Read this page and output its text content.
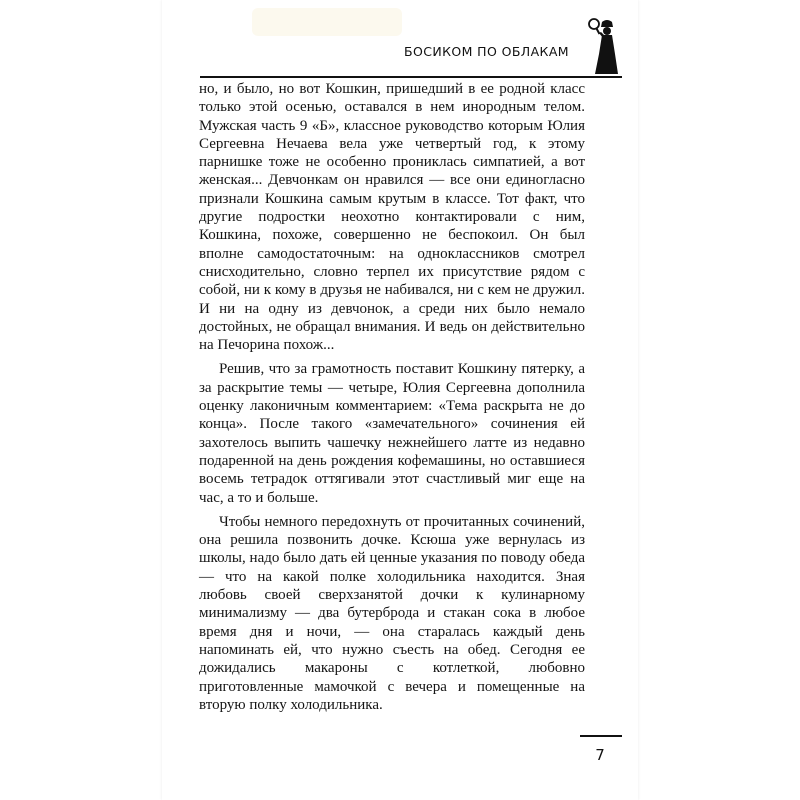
БОСИКОМ ПО ОБЛАКАМ

но, и было, но вот Кошкин, пришедший в ее родной класс только этой осенью, оставался в нем инородным телом. Мужская часть 9 «Б», классное руководство которым Юлия Сергеевна Нечаева вела уже четвертый год, к этому парнишке тоже не особенно прониклась симпатией, а вот женская... Девчонкам он нравился — все они единогласно признали Кошкина самым крутым в классе. Тот факт, что другие подростки неохотно контактировали с ним, Кошкина, похоже, совершенно не беспокоил. Он был вполне самодостаточным: на одноклассников смотрел снисходительно, словно терпел их присутствие рядом с собой, ни к кому в друзья не набивался, ни с кем не дружил. И ни на одну из девчонок, а среди них было немало достойных, не обращал внимания. И ведь он действительно на Печорина похож...

Решив, что за грамотность поставит Кошкину пятерку, а за раскрытие темы — четыре, Юлия Сергеевна дополнила оценку лаконичным комментарием: «Тема раскрыта не до конца». После такого «замечательного» сочинения ей захотелось выпить чашечку нежнейшего латте из недавно подаренной на день рождения кофемашины, но оставшиеся восемь тетрадок оттягивали этот счастливый миг еще на час, а то и больше.

Чтобы немного передохнуть от прочитанных сочинений, она решила позвонить дочке. Ксюша уже вернулась из школы, надо было дать ей ценные указания по поводу обеда — что на какой полке холодильника находится. Зная любовь своей сверхзанятой дочки к кулинарному минимализму — два бутерброда и стакан сока в любое время дня и ночи, — она старалась каждый день напоминать ей, что нужно съесть на обед. Сегодня ее дожидались макароны с котлеткой, любовно приготовленные мамочкой с вечера и помещенные на вторую полку холодильника.

7
